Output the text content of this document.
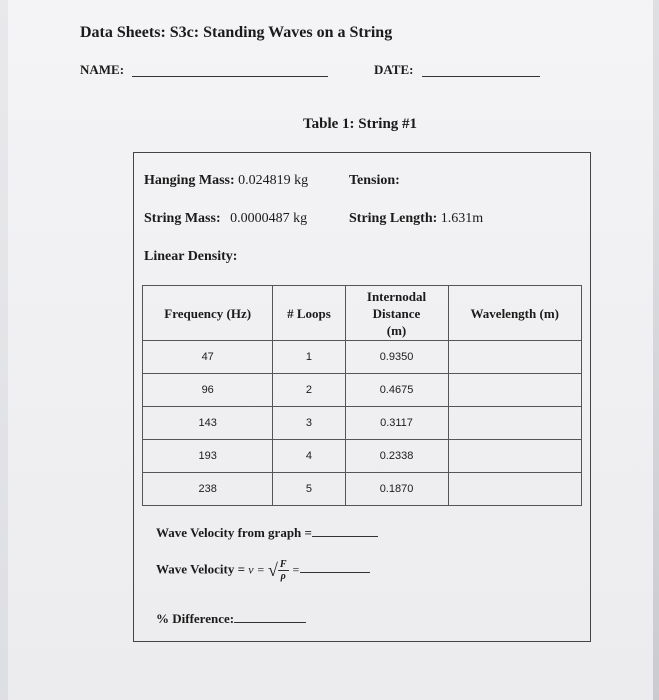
Data Sheets: S3c: Standing Waves on a String
NAME:	DATE:
Table 1: String #1
Hanging Mass: 0.024819 kg	Tension:
String Mass: 0.0000487 kg	String Length: 1.631m
Linear Density:
Frequency (Hz)	# Loops	Internodal
Distance
(m)	Wavelength (m)
47	1	0.9350	
96	2	0.4675	
143	3	0.3117	
193	4	0.2338	
238	5	0.1870	
Wave Velocity from graph =
Wave Velocity = v = √ $\frac{F}{\rho}$ =
% Difference:
